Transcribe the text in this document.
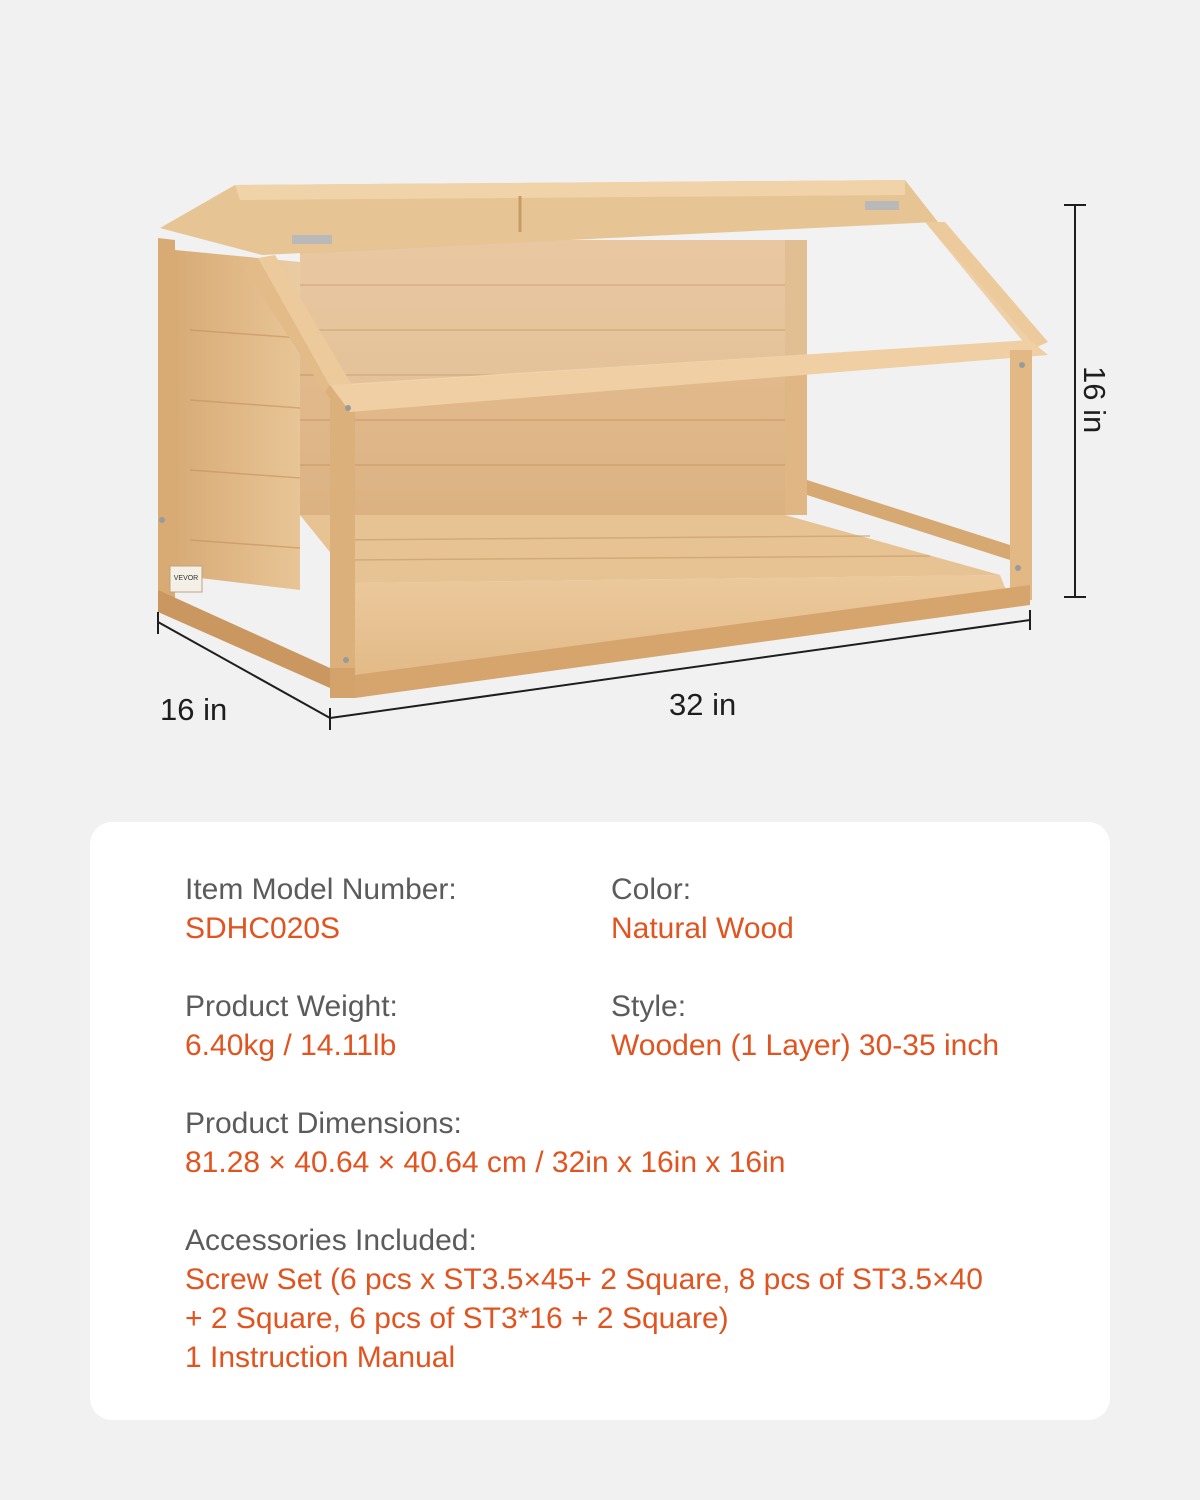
VEVOR
16 in	32 in
16 in
Item Model Number:
SDHC020S
Color:
Natural Wood
Product Weight:
6.40kg / 14.11lb
Style:
Wooden (1 Layer) 30-35 inch
Product Dimensions:
81.28 × 40.64 × 40.64 cm / 32in x 16in x 16in
Accessories Included:
Screw Set (6 pcs x ST3.5×45+ 2 Square, 8 pcs of ST3.5×40
+ 2 Square, 6 pcs of ST3*16 + 2 Square)
1 Instruction Manual
